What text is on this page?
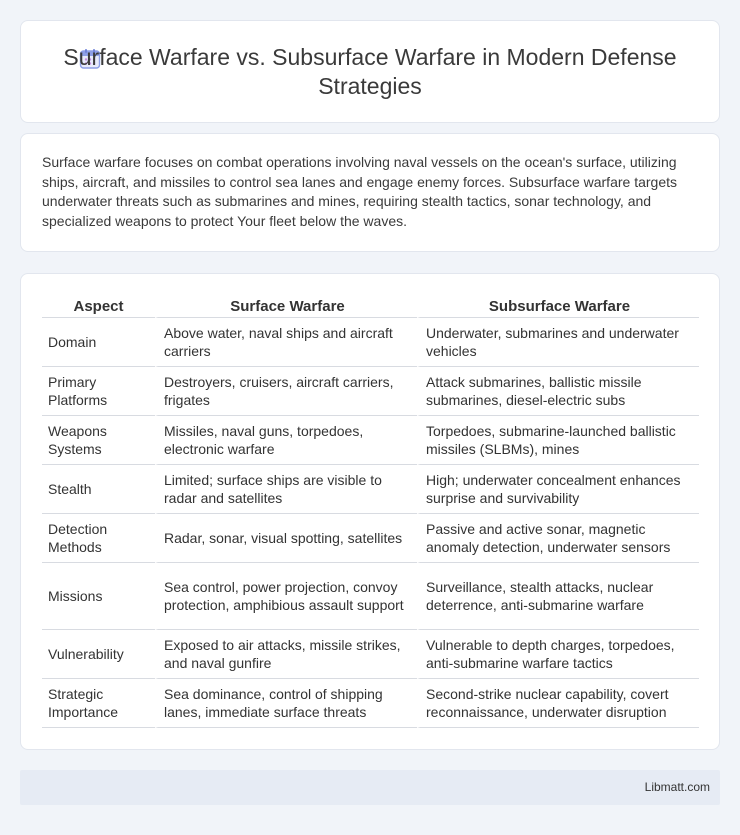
Surface Warfare vs. Subsurface Warfare in Modern Defense Strategies

Surface warfare focuses on combat operations involving naval vessels on the ocean's surface, utilizing ships, aircraft, and missiles to control sea lanes and engage enemy forces. Subsurface warfare targets underwater threats such as submarines and mines, requiring stealth tactics, sonar technology, and specialized weapons to protect Your fleet below the waves.

Aspect	Surface Warfare	Subsurface Warfare
Domain	Above water, naval ships and aircraft carriers	Underwater, submarines and underwater vehicles
Primary Platforms	Destroyers, cruisers, aircraft carriers, frigates	Attack submarines, ballistic missile submarines, diesel-electric subs
Weapons Systems	Missiles, naval guns, torpedoes, electronic warfare	Torpedoes, submarine-launched ballistic missiles (SLBMs), mines
Stealth	Limited; surface ships are visible to radar and satellites	High; underwater concealment enhances surprise and survivability
Detection Methods	Radar, sonar, visual spotting, satellites	Passive and active sonar, magnetic anomaly detection, underwater sensors
Missions	Sea control, power projection, convoy protection, amphibious assault support	Surveillance, stealth attacks, nuclear deterrence, anti-submarine warfare
Vulnerability	Exposed to air attacks, missile strikes, and naval gunfire	Vulnerable to depth charges, torpedoes, anti-submarine warfare tactics
Strategic Importance	Sea dominance, control of shipping lanes, immediate surface threats	Second-strike nuclear capability, covert reconnaissance, underwater disruption
Libmatt.com
